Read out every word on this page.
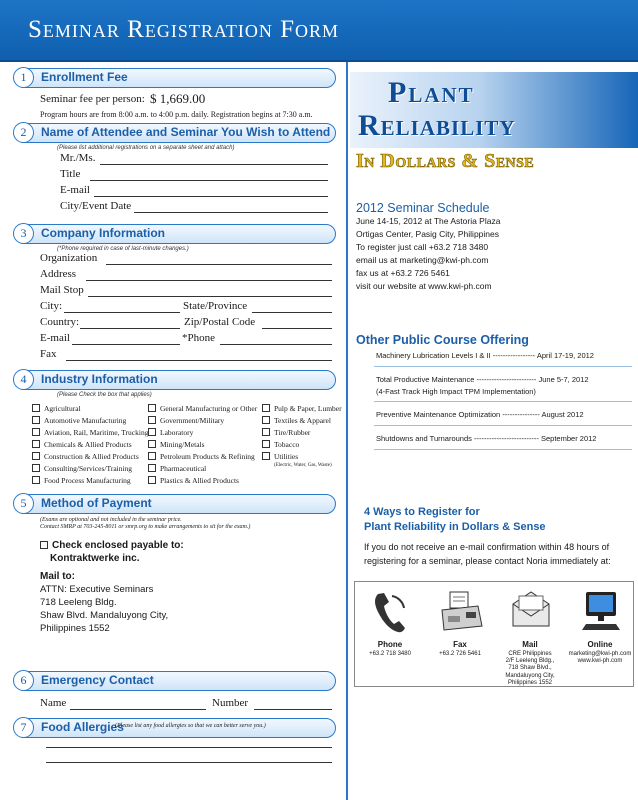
Seminar Registration Form
1	Enrollment Fee
Seminar fee per person: $ 1,669.00
Program hours are from 8:00 a.m. to 4:00 p.m. daily. Registration begins at 7:30 a.m.
2	Name of Attendee and Seminar You Wish to Attend
(Please list additional registrations on a separate sheet and attach)
Mr./Ms.
Title
E-mail
City/Event Date
3	Company Information
(*Phone required in case of last-minute changes.)
Organization
Address
Mail Stop
City:	State/Province
Country:	Zip/Postal Code
E-mail	*Phone
Fax
4	Industry Information
(Please Check the box that applies)
Agricultural
Automotive Manufacturing
Aviation, Rail, Maritime, Trucking
Chemicals & Allied Products
Construction & Allied Products
Consulting/Services/Training
Food Process Manufacturing
General Manufacturing or Other
Government/Military
Laboratory
Mining/Metals
Petroleum Products & Refining
Pharmaceutical
Plastics & Allied Products
Pulp & Paper, Lumber
Textiles & Apparel
Tire/Rubber
Tobacco
Utilities
(Electric, Water, Gas, Waste)
5	Method of Payment
(Exams are optional and not included in the seminar price.
Contact SMRP at 703-245-8011 or smrp.org to make arrangements to sit for the exam.)
Check enclosed payable to:
Kontraktwerke inc.
Mail to:
ATTN: Executive Seminars
718 Leeleng Bldg.
Shaw Blvd. Mandaluyong City,
Philippines 1552
6	Emergency Contact
Name	Number
7	Food Allergies
(Please list any food allergies so that we can better serve you.)
Plant
Reliability
In Dollars & Sense
2012 Seminar Schedule
June 14-15, 2012 at The Astoria Plaza
Ortigas Center, Pasig City, Philippines
To register just call +63.2 718 3480
email us at marketing@kwi-ph.com
fax us at +63.2 726 5461
visit our website at www.kwi-ph.com
Other Public Course Offering
Machinery Lubrication Levels I & II ----------------- April 17-19, 2012
Total Productive Maintenance ------------------------ June 5-7, 2012
(4-Fast Track High Impact TPM Implementation)
Preventive Maintenance Optimization --------------- August 2012
Shutdowns and Turnarounds -------------------------- September 2012
4 Ways to Register for
Plant Reliability in Dollars & Sense
If you do not receive an e-mail confirmation within 48 hours of
registering for a seminar, please contact Noria immediately at:
Phone
+63.2 718 3480
Fax
+63.2 726 5461
Mail
CRE Philippines
2/F Leeleng Bldg.,
718 Shaw Blvd.,
Mandaluyong City,
Philippines 1552
Online
marketing@kwi-ph.com
www.kwi-ph.com
